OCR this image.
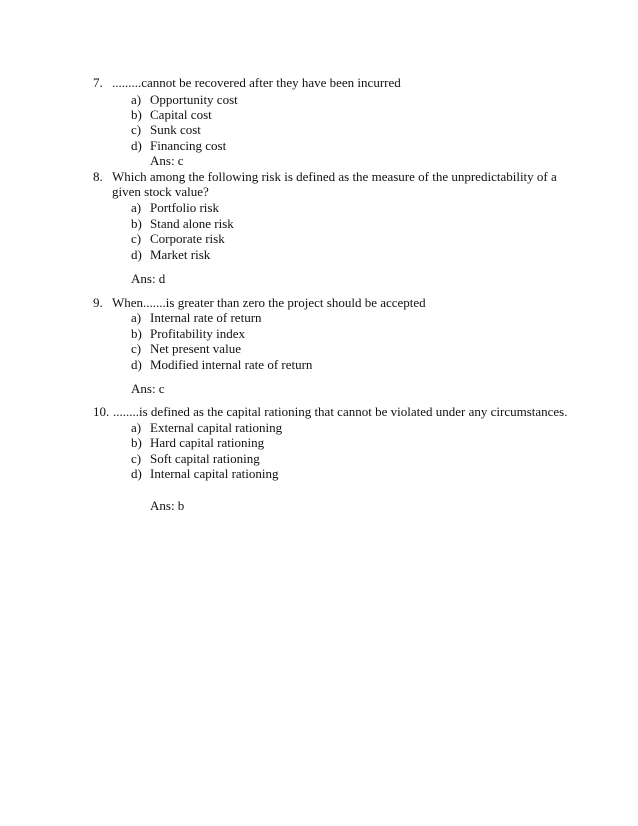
7. .........cannot be recovered after they have been incurred
a) Opportunity cost
b) Capital cost
c) Sunk cost
d) Financing cost
Ans: c
8. Which among the following risk is defined as the measure of the unpredictability of a
given stock value?
a) Portfolio risk
b) Stand alone risk
c) Corporate risk
d) Market risk
Ans: d
9. When.......is greater than zero the project should be accepted
a) Internal rate of return
b) Profitability index
c) Net present value
d) Modified internal rate of return
Ans: c
10. ........is defined as the capital rationing that cannot be violated under any circumstances.
a) External capital rationing
b) Hard capital rationing
c) Soft capital rationing
d) Internal capital rationing
Ans: b
